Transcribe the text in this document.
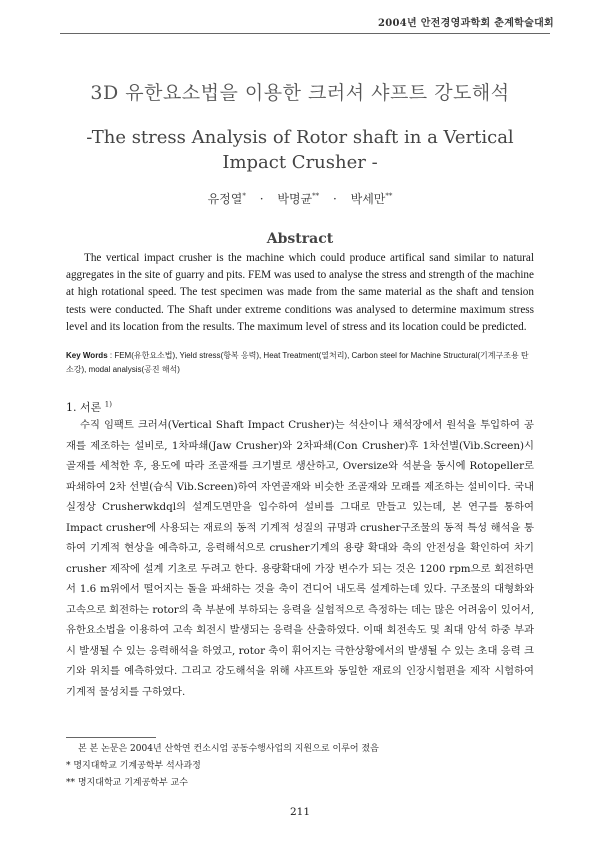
2004년 안전경영과학회 춘계학술대회
3D 유한요소법을 이용한 크러셔 샤프트 강도해석
-The stress Analysis of Rotor shaft in a Vertical
Impact Crusher -
유정열* · 박명균** · 박세만**
Abstract
The vertical impact crusher is the machine which could produce artifical sand similar to natural aggregates in the site of guarry and pits. FEM was used to analyse the stress and strength of the machine at high rotational speed. The test specimen was made from the same material as the shaft and tension tests were conducted. The Shaft under extreme conditions was analysed to determine maximum stress level and its location from the results. The maximum level of stress and its location could be predicted.
Key Words : FEM(유한요소법), Yield stress(항복 응력), Heat Treatment(열처리), Carbon steel for Machine Structural(기계구조용 탄소강), modal analysis(공진 해석)
1. 서론 $^{1)}$
수직 임팩트 크러셔(Vertical Shaft Impact Crusher)는 석산이나 채석장에서 원석을 투입하여 공재를 제조하는 설비로, 1차파쇄(Jaw Crusher)와 2차파쇄(Con Crusher)후 1차선별(Vib.Screen)시 골재를 세척한 후, 용도에 따라 조골재를 크기별로 생산하고, Oversize와 석분을 동시에 Rotopeller로 파쇄하여 2차 선별(습식 Vib.Screen)하여 자연골재와 비슷한 조골재와 모래를 제조하는 설비이다. 국내 실정상 Crusherwkdql의 설계도면만을 입수하여 설비를 그대로 만들고 있는데, 본 연구를 통하여 Impact crusher에 사용되는 재료의 동적 기계적 성질의 규명과 crusher구조물의 동적 특성 해석을 통하여 기계적 현상을 예측하고, 응력해석으로 crusher기계의 용량 확대와 축의 안전성을 확인하여 차기 crusher 제작에 설계 기초로 두려고 한다. 용량확대에 가장 변수가 되는 것은 1200 rpm으로 회전하면서 1.6 m위에서 떨어지는 돌을 파쇄하는 것을 축이 견디어 내도록 설계하는데 있다. 구조물의 대형화와 고속으로 회전하는 rotor의 축 부분에 부하되는 응력을 실험적으로 측정하는 데는 많은 어려움이 있어서, 유한요소법을 이용하여 고속 회전시 발생되는 응력을 산출하였다. 이때 회전속도 및 최대 암석 하중 부과시 발생될 수 있는 응력해석을 하였고, rotor 축이 휘어지는 극한상황에서의 발생될 수 있는 초대 응력 크기와 위치를 예측하였다. 그리고 강도해석을 위해 샤프트와 동일한 재료의 인장시험편을 제작 시험하여 기계적 물성치를 구하였다.
본 본 논문은 2004년 산학연 컨소시엄 공동수행사업의 지원으로 이루어 졌음
* 명지대학교 기계공학부 석사과정
** 명지대학교 기계공학부 교수
211
